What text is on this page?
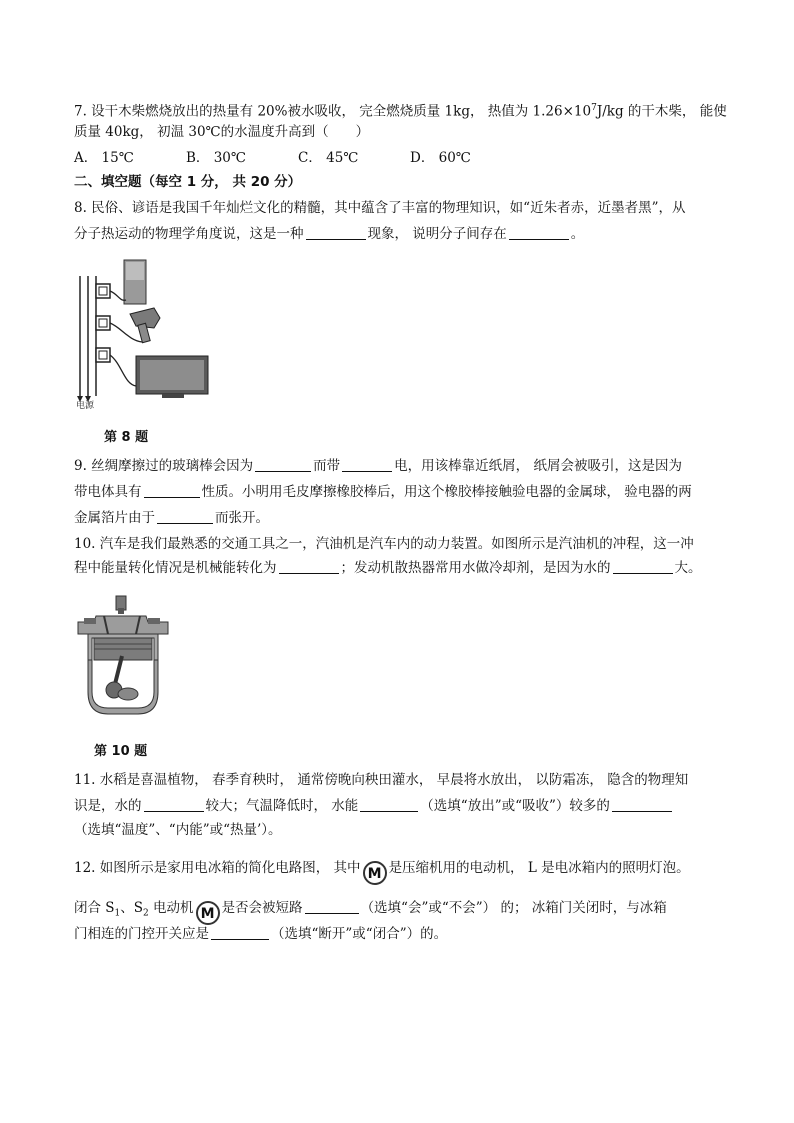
7. 设干木柴燃烧放出的热量有 20%被水吸收， 完全燃烧质量 1kg， 热值为 $1.26\times 10^7J/kg$ 的干木柴， 能使
质量 40kg， 初温 30℃的水温度升高到（　　）
A． 15℃	B． 30℃	C． 45℃	D． 60℃
二、填空题（每空 1 分， 共 20 分）
8. 民俗、谚语是我国千年灿烂文化的精髓，其中蕴含了丰富的物理知识，如“近朱者赤，近墨者黑”，从
分子热运动的物理学角度说，这是一种	现象， 说明分子间存在	。
电源
第 8 题
9. 丝绸摩擦过的玻璃棒会因为	而带	电，用该棒靠近纸屑， 纸屑会被吸引，这是因为
带电体具有	性质。小明用毛皮摩擦橡胶棒后，用这个橡胶棒接触验电器的金属球， 验电器的两
金属箔片由于	而张开。
10. 汽车是我们最熟悉的交通工具之一，汽油机是汽车内的动力装置。如图所示是汽油机的冲程，这一冲
程中能量转化情况是机械能转化为	；发动机散热器常用水做冷却剂，是因为水的	大。
第 10 题
11. 水稻是喜温植物， 春季育秧时， 通常傍晚向秧田灌水， 早晨将水放出， 以防霜冻， 隐含的物理知
识是，水的	较大；气温降低时， 水能	（选填“放出”或“吸收”）较多的
（选填“温度”、“内能”或“热量’）。
12. 如图所示是家用电冰箱的简化电路图， 其中 M 是压缩机用的电动机， L 是电冰箱内的照明灯泡。
闭合 $S_1$、$S_2$ 电动机 M 是否会被短路	（选填“会”或“不会”） 的； 冰箱门关闭时，与冰箱
门相连的门控开关应是	（选填“断开”或“闭合”）的。
